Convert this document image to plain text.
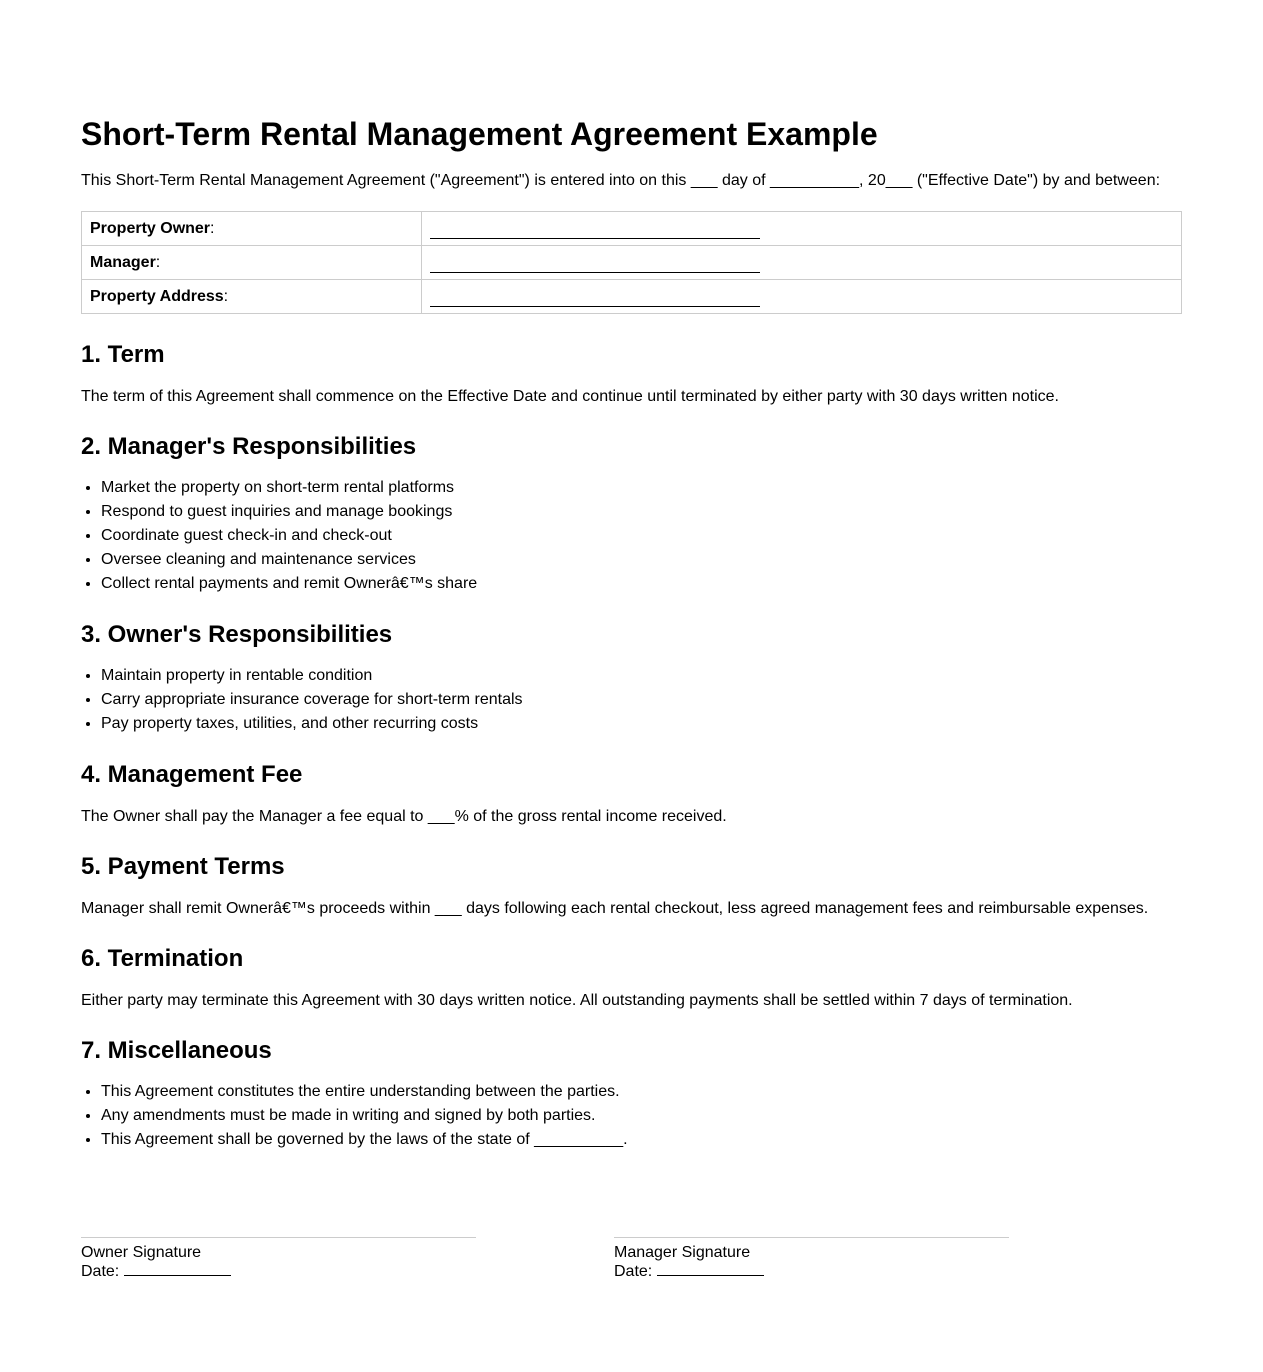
Short-Term Rental Management Agreement Example

This Short-Term Rental Management Agreement ("Agreement") is entered into on this ___ day of __________, 20___ ("Effective Date") by and between:

Property Owner:	
Manager:	
Property Address:	
1. Term

The term of this Agreement shall commence on the Effective Date and continue until terminated by either party with 30 days written notice.

2. Manager's Responsibilities
• Market the property on short-term rental platforms
• Respond to guest inquiries and manage bookings
• Coordinate guest check-in and check-out
• Oversee cleaning and maintenance services
• Collect rental payments and remit Ownerâ€™s share
3. Owner's Responsibilities
• Maintain property in rentable condition
• Carry appropriate insurance coverage for short-term rentals
• Pay property taxes, utilities, and other recurring costs
4. Management Fee

The Owner shall pay the Manager a fee equal to ___% of the gross rental income received.

5. Payment Terms

Manager shall remit Ownerâ€™s proceeds within ___ days following each rental checkout, less agreed management fees and reimbursable expenses.

6. Termination

Either party may terminate this Agreement with 30 days written notice. All outstanding payments shall be settled within 7 days of termination.

7. Miscellaneous
• This Agreement constitutes the entire understanding between the parties.
• Any amendments must be made in writing and signed by both parties.
• This Agreement shall be governed by the laws of the state of __________.
Owner Signature
Date:
Manager Signature
Date:
